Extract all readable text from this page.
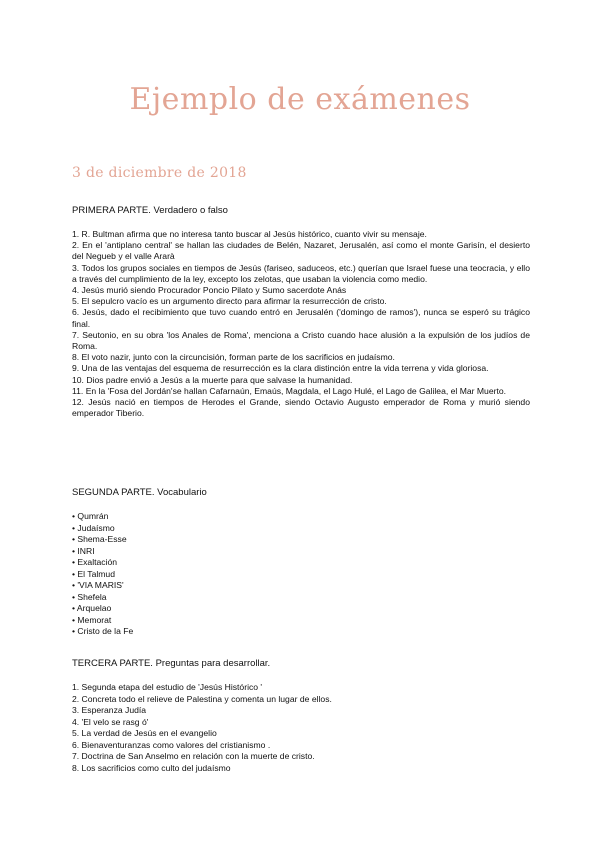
Ejemplo de exámenes
3 de diciembre de 2018
PRIMERA PARTE. Verdadero o falso
1. R. Bultman afirma que no interesa tanto buscar al Jesús histórico, cuanto vivir su mensaje.
2. En el 'antiplano central' se hallan las ciudades de Belén, Nazaret, Jerusalén, así como el monte Garisín, el desierto del Negueb y el valle Ararà
3. Todos los grupos sociales en tiempos de Jesús (fariseo, saduceos, etc.) querían que Israel fuese una teocracia, y ello a través del cumplimiento de la ley, excepto los zelotas, que usaban la violencia como medio.
4. Jesús murió siendo Procurador Poncio Pilato y Sumo sacerdote Anás
5. El sepulcro vacío es un argumento directo para afirmar la resurrección de cristo.
6. Jesús, dado el recibimiento que tuvo cuando entró en Jerusalén ('domingo de ramos'), nunca se esperó su trágico final.
7. Seutonio, en su obra 'los Anales de Roma', menciona a Cristo cuando hace alusión a la expulsión de los judíos de Roma.
8. El voto nazir, junto con la circuncisión, forman parte de los sacrificios en judaísmo.
9. Una de las ventajas del esquema de resurrección es la clara distinción entre la vida terrena y vida gloriosa.
10. Dios padre envió a Jesús a la muerte para que salvase la humanidad.
11. En la 'Fosa del Jordán'se hallan Cafarnaún, Emaús, Magdala, el Lago Hulé, el Lago de Galilea, el Mar Muerto.
12. Jesús nació en tiempos de Herodes el Grande, siendo Octavio Augusto emperador de Roma y murió siendo emperador Tiberio.
SEGUNDA PARTE. Vocabulario
• Qumrán
• Judaísmo
• Shema-Esse
• INRI
• Exaltación
• El Talmud
• 'VIA MARIS'
• Shefela
• Arquelao
• Memorat
• Cristo de la Fe
TERCERA PARTE. Preguntas para desarrollar.
1. Segunda etapa del estudio de 'Jesús Histórico '
2. Concreta todo el relieve de Palestina y comenta un lugar de ellos.
3. Esperanza Judía
4. 'El velo se rasg ó'
5. La verdad de Jesús en el evangelio
6. Bienaventuranzas como valores del cristianismo .
7. Doctrina de San Anselmo en relación con la muerte de cristo.
8. Los sacrificios como culto del judaísmo
